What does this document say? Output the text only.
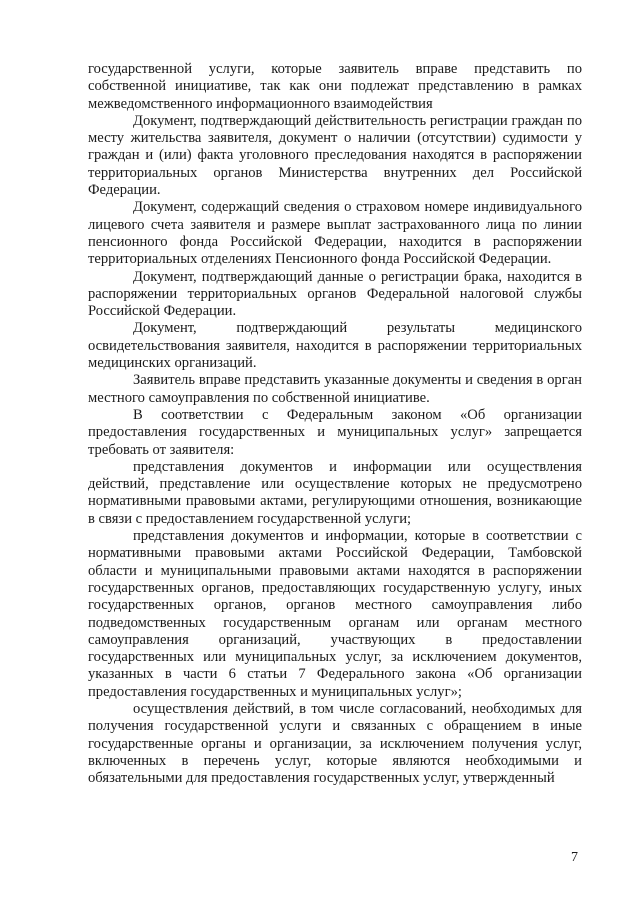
государственной услуги, которые заявитель вправе представить по собственной инициативе, так как они подлежат представлению в рамках межведомственного информационного взаимодействия

Документ, подтверждающий действительность регистрации граждан по месту жительства заявителя, документ о наличии (отсутствии) судимости у граждан и (или) факта уголовного преследования находятся в распоряжении территориальных органов Министерства внутренних дел Российской Федерации.

Документ, содержащий сведения о страховом номере индивидуального лицевого счета заявителя и размере выплат застрахованного лица по линии пенсионного фонда Российской Федерации, находится в распоряжении территориальных отделениях Пенсионного фонда Российской Федерации.

Документ, подтверждающий данные о регистрации брака, находится в распоряжении территориальных органов Федеральной налоговой службы Российской Федерации.

Документ, подтверждающий результаты медицинского освидетельствования заявителя, находится в распоряжении территориальных медицинских организаций.

Заявитель вправе представить указанные документы и сведения в орган местного самоуправления по собственной инициативе.

В соответствии с Федеральным законом «Об организации предоставления государственных и муниципальных услуг» запрещается требовать от заявителя:

представления документов и информации или осуществления действий, представление или осуществление которых не предусмотрено нормативными правовыми актами, регулирующими отношения, возникающие в связи с предоставлением государственной услуги;

представления документов и информации, которые в соответствии с нормативными правовыми актами Российской Федерации, Тамбовской области и муниципальными правовыми актами находятся в распоряжении государственных органов, предоставляющих государственную услугу, иных государственных органов, органов местного самоуправления либо подведомственных государственным органам или органам местного самоуправления организаций, участвующих в предоставлении государственных или муниципальных услуг, за исключением документов, указанных в части 6 статьи 7 Федерального закона «Об организации предоставления государственных и муниципальных услуг»;

осуществления действий, в том числе согласований, необходимых для получения государственной услуги и связанных с обращением в иные государственные органы и организации, за исключением получения услуг, включенных в перечень услуг, которые являются необходимыми и обязательными для предоставления государственных услуг, утвержденный

7
